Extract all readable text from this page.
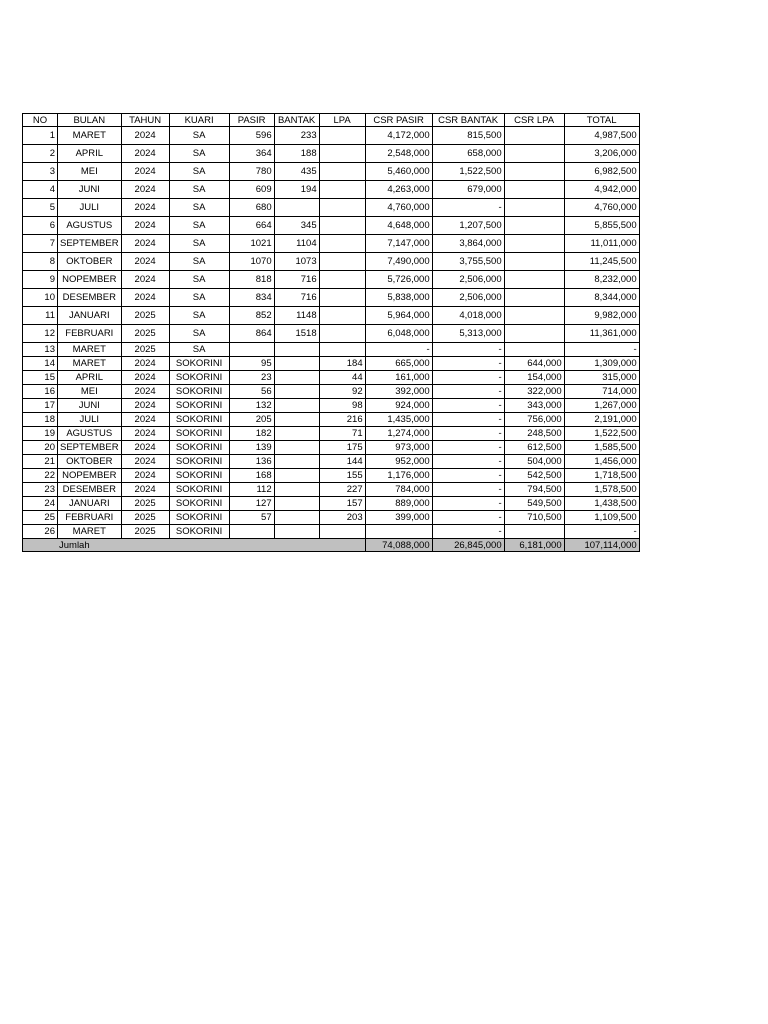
NO	BULAN	TAHUN	KUARI	PASIR	BANTAK	LPA	CSR PASIR	CSR BANTAK	CSR LPA	TOTAL
1	MARET	2024	SA	596	233		4,172,000	815,500		4,987,500
2	APRIL	2024	SA	364	188		2,548,000	658,000		3,206,000
3	MEI	2024	SA	780	435		5,460,000	1,522,500		6,982,500
4	JUNI	2024	SA	609	194		4,263,000	679,000		4,942,000
5	JULI	2024	SA	680			4,760,000	-		4,760,000
6	AGUSTUS	2024	SA	664	345		4,648,000	1,207,500		5,855,500
7	SEPTEMBER	2024	SA	1021	1104		7,147,000	3,864,000		11,011,000
8	OKTOBER	2024	SA	1070	1073		7,490,000	3,755,500		11,245,500
9	NOPEMBER	2024	SA	818	716		5,726,000	2,506,000		8,232,000
10	DESEMBER	2024	SA	834	716		5,838,000	2,506,000		8,344,000
11	JANUARI	2025	SA	852	1148		5,964,000	4,018,000		9,982,000
12	FEBRUARI	2025	SA	864	1518		6,048,000	5,313,000		11,361,000
13	MARET	2025	SA				-	-		-
14	MARET	2024	SOKORINI	95		184	665,000	-	644,000	1,309,000
15	APRIL	2024	SOKORINI	23		44	161,000	-	154,000	315,000
16	MEI	2024	SOKORINI	56		92	392,000	-	322,000	714,000
17	JUNI	2024	SOKORINI	132		98	924,000	-	343,000	1,267,000
18	JULI	2024	SOKORINI	205		216	1,435,000	-	756,000	2,191,000
19	AGUSTUS	2024	SOKORINI	182		71	1,274,000	-	248,500	1,522,500
20	SEPTEMBER	2024	SOKORINI	139		175	973,000	-	612,500	1,585,500
21	OKTOBER	2024	SOKORINI	136		144	952,000	-	504,000	1,456,000
22	NOPEMBER	2024	SOKORINI	168		155	1,176,000	-	542,500	1,718,500
23	DESEMBER	2024	SOKORINI	112		227	784,000	-	794,500	1,578,500
24	JANUARI	2025	SOKORINI	127		157	889,000	-	549,500	1,438,500
25	FEBRUARI	2025	SOKORINI	57		203	399,000	-	710,500	1,109,500
26	MARET	2025	SOKORINI					-		-
Jumlah							74,088,000	26,845,000	6,181,000	107,114,000
